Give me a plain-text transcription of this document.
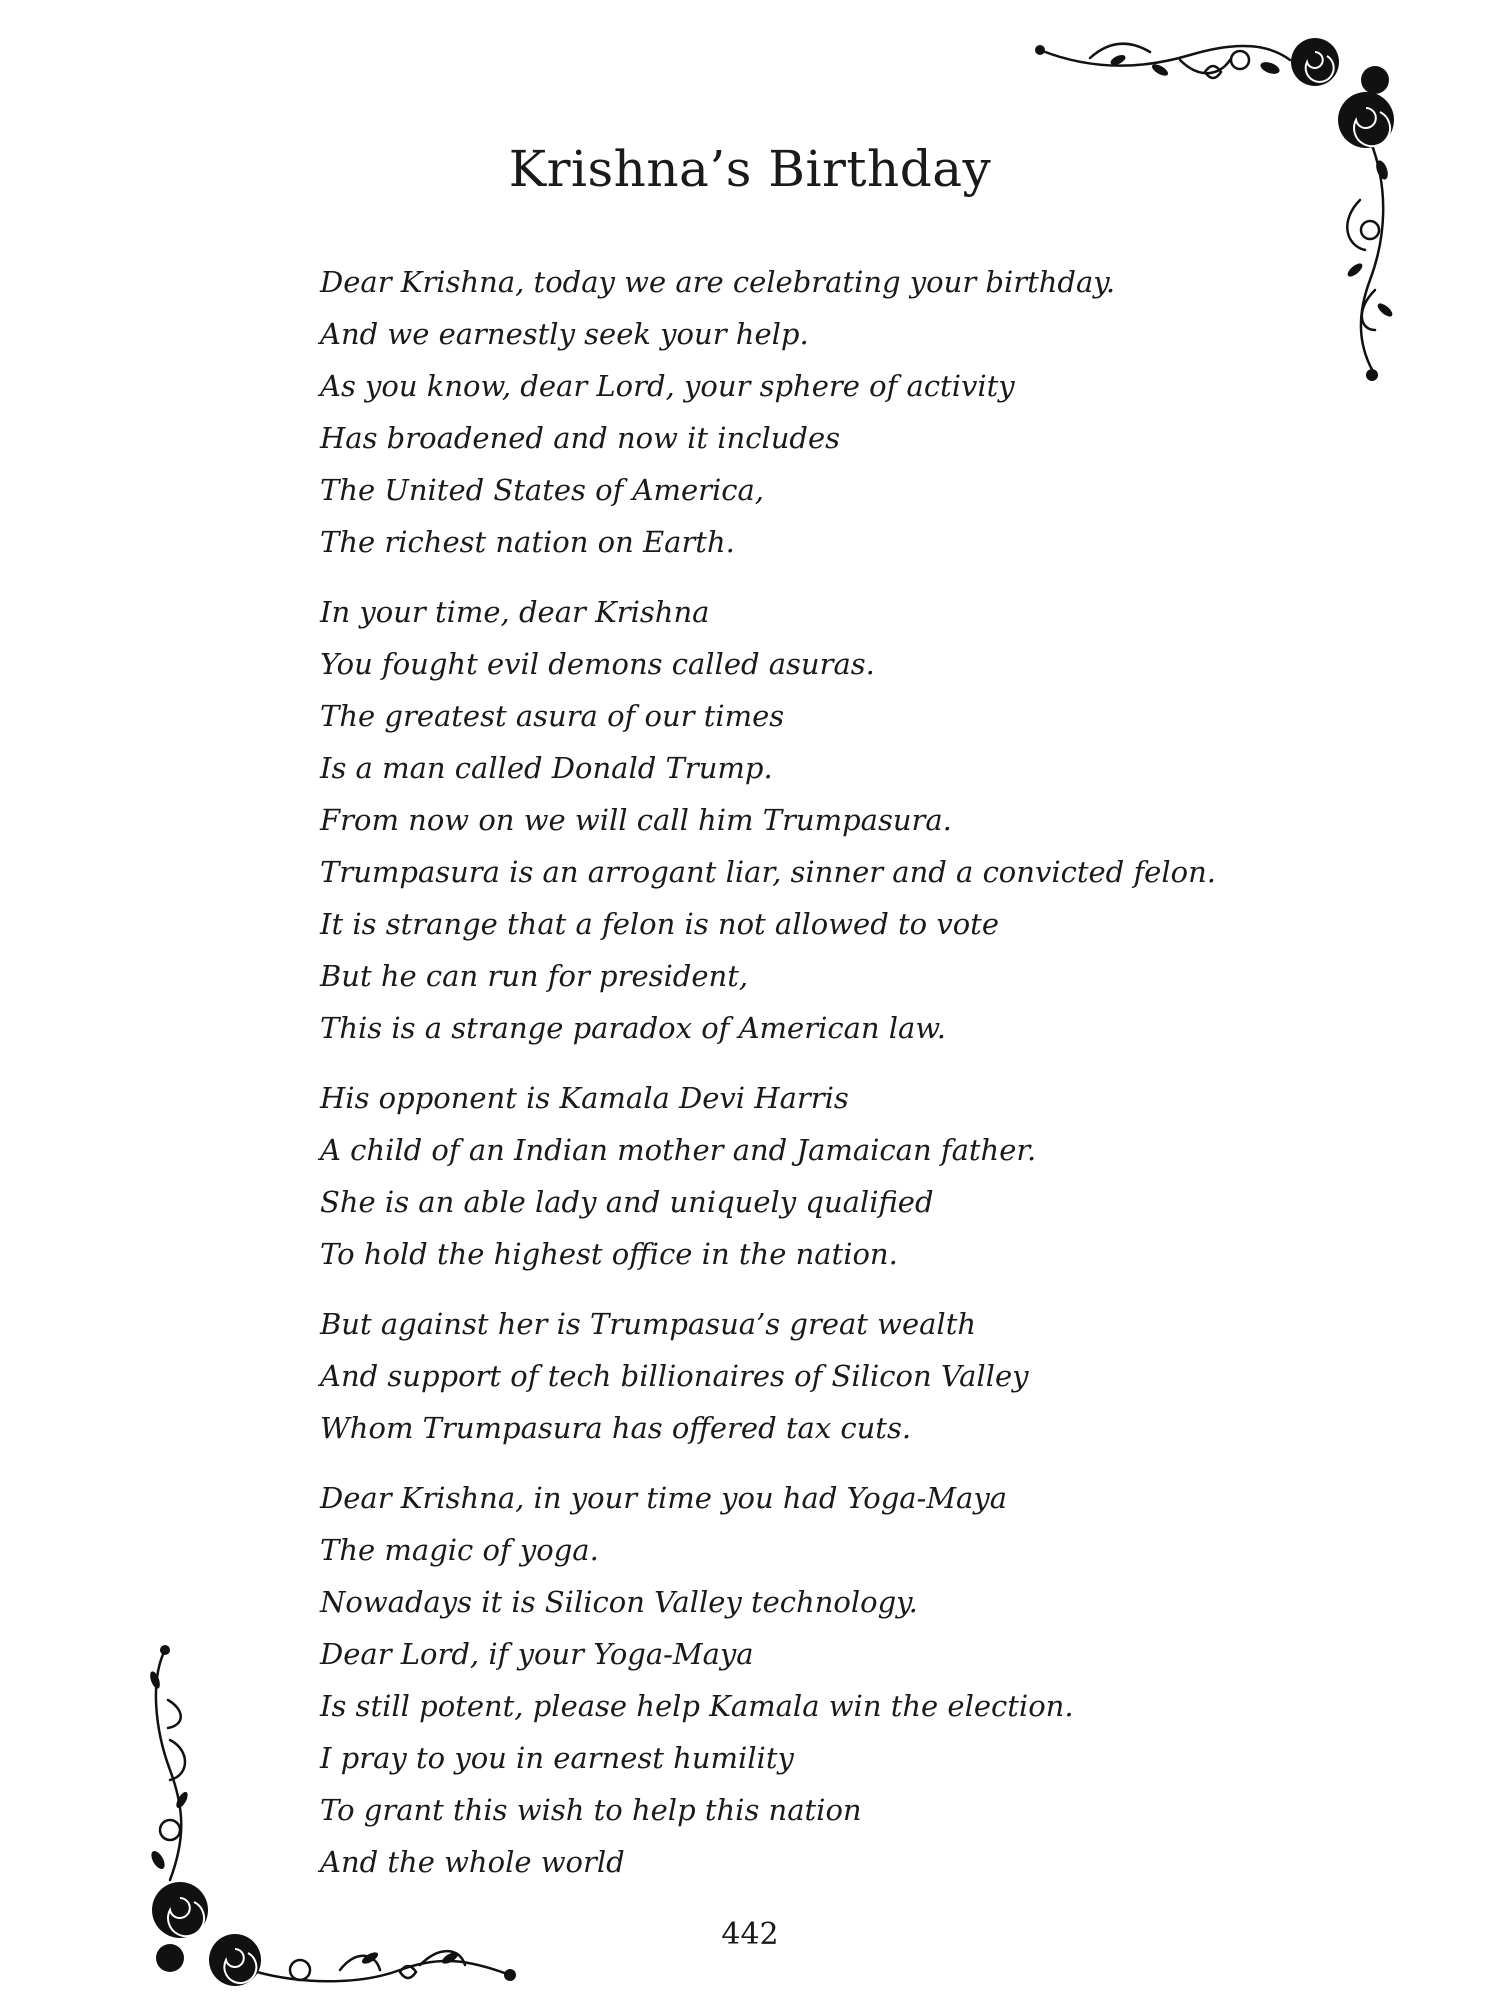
Krishna’s Birthday
Dear Krishna, today we are celebrating your birthday.
And we earnestly seek your help.
As you know, dear Lord, your sphere of activity
Has broadened and now it includes
The United States of America,
The richest nation on Earth.
In your time, dear Krishna
You fought evil demons called asuras.
The greatest asura of our times
Is a man called Donald Trump.
From now on we will call him Trumpasura.
Trumpasura is an arrogant liar, sinner and a convicted felon.
It is strange that a felon is not allowed to vote
But he can run for president,
This is a strange paradox of American law.
His opponent is Kamala Devi Harris
A child of an Indian mother and Jamaican father.
She is an able lady and uniquely qualified
To hold the highest office in the nation.
But against her is Trumpasua’s great wealth
And support of tech billionaires of Silicon Valley
Whom Trumpasura has offered tax cuts.
Dear Krishna, in your time you had Yoga-Maya
The magic of yoga.
Nowadays it is Silicon Valley technology.
Dear Lord, if your Yoga-Maya
Is still potent, please help Kamala win the election.
I pray to you in earnest humility
To grant this wish to help this nation
And the whole world
442
